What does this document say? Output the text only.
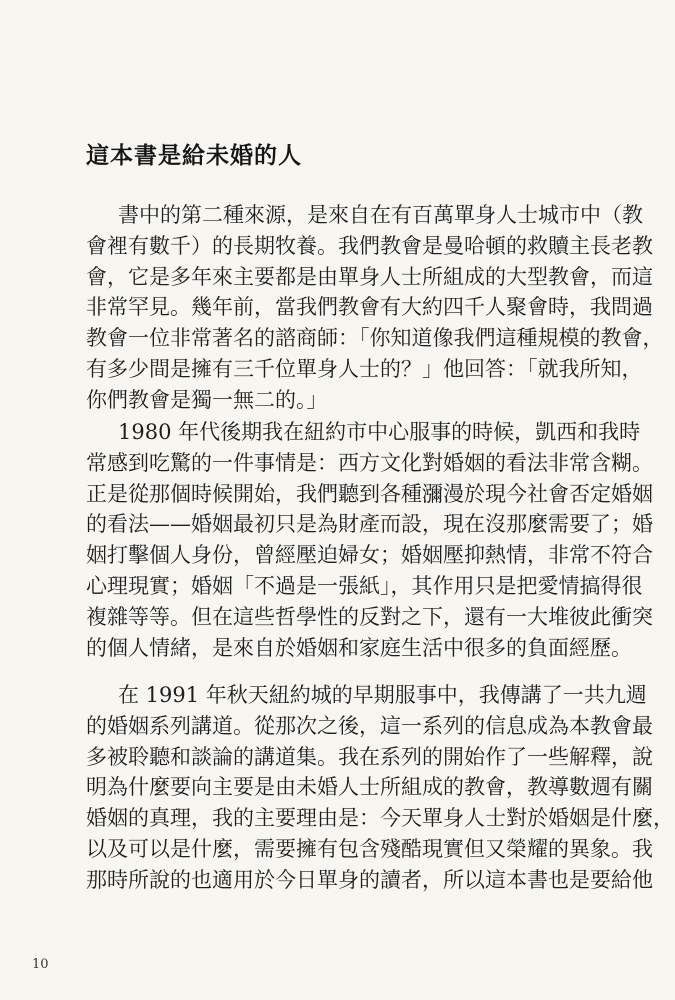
這本書是給未婚的人
書中的第二種來源，是來自在有百萬單身人士城市中（教
會裡有數千）的長期牧養。我們教會是曼哈頓的救贖主長老教
會，它是多年來主要都是由單身人士所組成的大型教會，而這
非常罕見。幾年前，當我們教會有大約四千人聚會時，我問過
教會一位非常著名的諮商師：「你知道像我們這種規模的教會，
有多少間是擁有三千位單身人士的？」他回答：「就我所知，
你們教會是獨一無二的。」
1980 年代後期我在紐約市中心服事的時候，凱西和我時
常感到吃驚的一件事情是：西方文化對婚姻的看法非常含糊。
正是從那個時候開始，我們聽到各種瀰漫於現今社會否定婚姻
的看法——婚姻最初只是為財產而設，現在沒那麼需要了；婚
姻打擊個人身份，曾經壓迫婦女；婚姻壓抑熱情，非常不符合
心理現實；婚姻「不過是一張紙」，其作用只是把愛情搞得很
複雜等等。但在這些哲學性的反對之下，還有一大堆彼此衝突
的個人情緒，是來自於婚姻和家庭生活中很多的負面經歷。
在 1991 年秋天紐約城的早期服事中，我傳講了一共九週
的婚姻系列講道。從那次之後，這一系列的信息成為本教會最
多被聆聽和談論的講道集。我在系列的開始作了一些解釋，說
明為什麼要向主要是由未婚人士所組成的教會，教導數週有關
婚姻的真理，我的主要理由是：今天單身人士對於婚姻是什麼，
以及可以是什麼，需要擁有包含殘酷現實但又榮耀的異象。我
那時所說的也適用於今日單身的讀者，所以這本書也是要給他
10
